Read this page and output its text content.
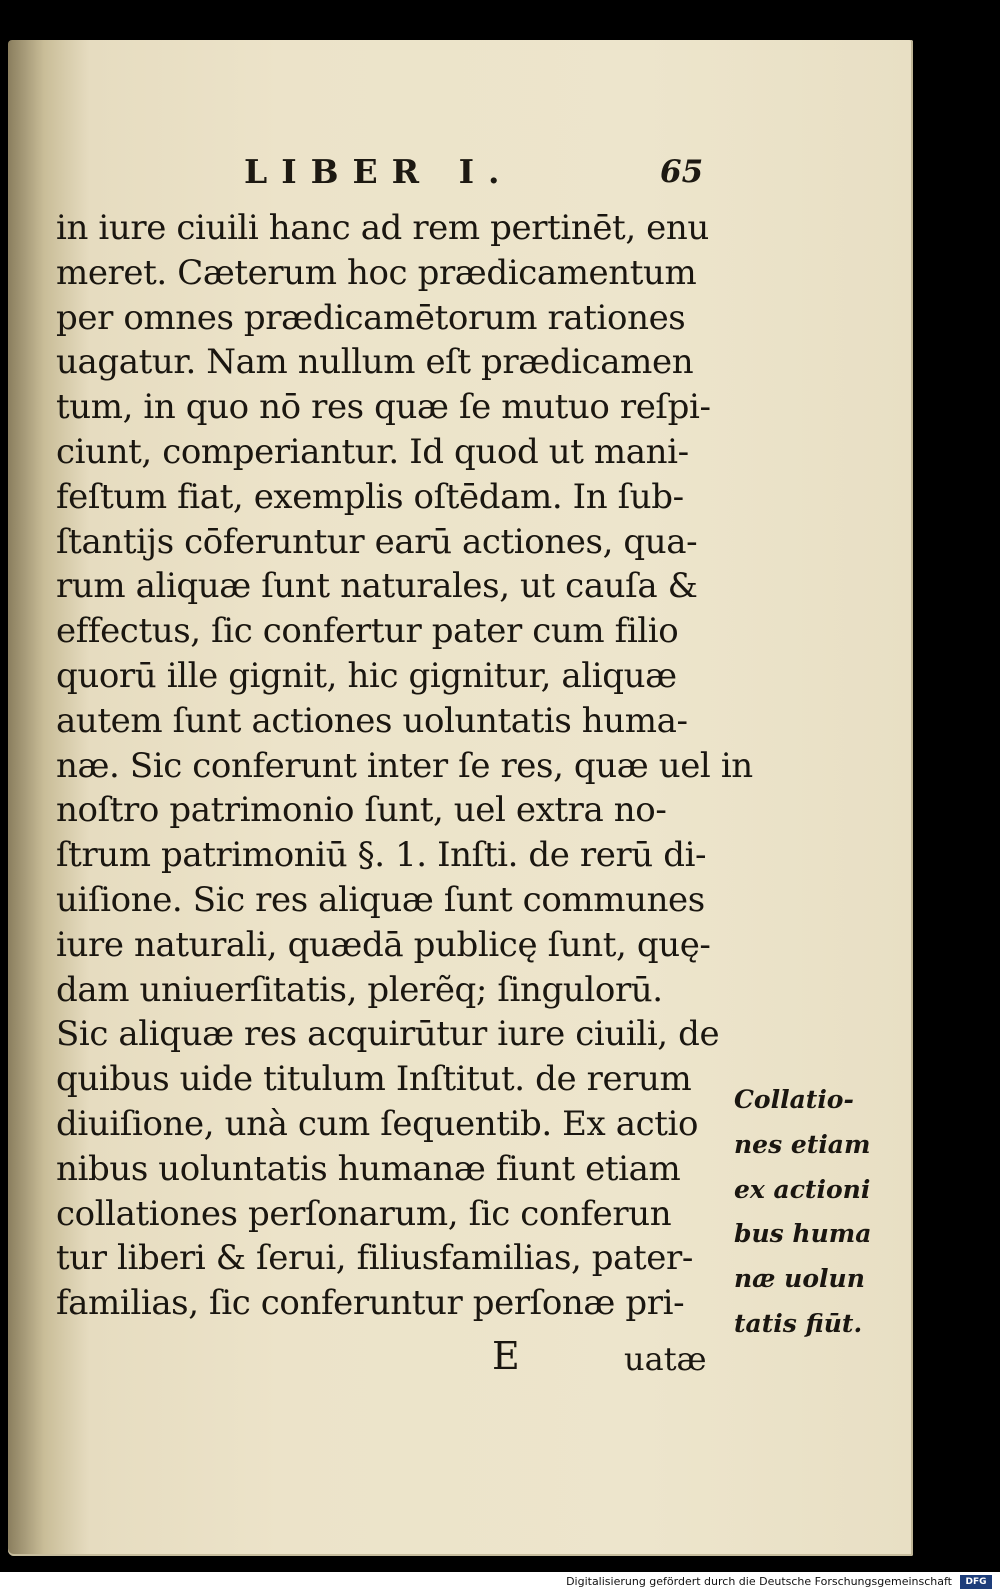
LIBER I.	65
in iure ciuili hanc ad rem pertinēt, enu
meret. Cæterum hoc prædicamentum
per omnes prædicamētorum rationes
uagatur. Nam nullum eſt prædicamen
tum, in quo nō res quæ ſe mutuo reſpi-
ciunt, comperiantur. Id quod ut mani-
feſtum fiat, exemplis oſtēdam. In ſub-
ſtantijs cōferuntur earū actiones, qua-
rum aliquæ ſunt naturales, ut cauſa &
effectus, ſic confertur pater cum filio
quorū ille gignit, hic gignitur, aliquæ
autem ſunt actiones uoluntatis huma-
næ. Sic conferunt inter ſe res, quæ uel in
noſtro patrimonio ſunt, uel extra no-
ſtrum patrimoniū §. 1. Inſti. de rerū di-
uiſione. Sic res aliquæ ſunt communes
iure naturali, quædā publicę ſunt, quę-
dam uniuerſitatis, plerẽq; ſingulorū.
Sic aliquæ res acquirūtur iure ciuili, de
quibus uide titulum Inſtitut. de rerum
diuiſione, unà cum ſequentib. Ex actio
nibus uoluntatis humanæ fiunt etiam
collationes perſonarum, ſic conferun
tur liberi & ſerui, filiusfamilias, pater-
familias, ſic conferuntur perſonæ pri-
Collatio-
nes etiam
ex actioni
bus huma
næ uolun
tatis fiūt.
E	uatæ
Digitalisierung gefördert durch die Deutsche Forschungsgemeinschaft	DFG
